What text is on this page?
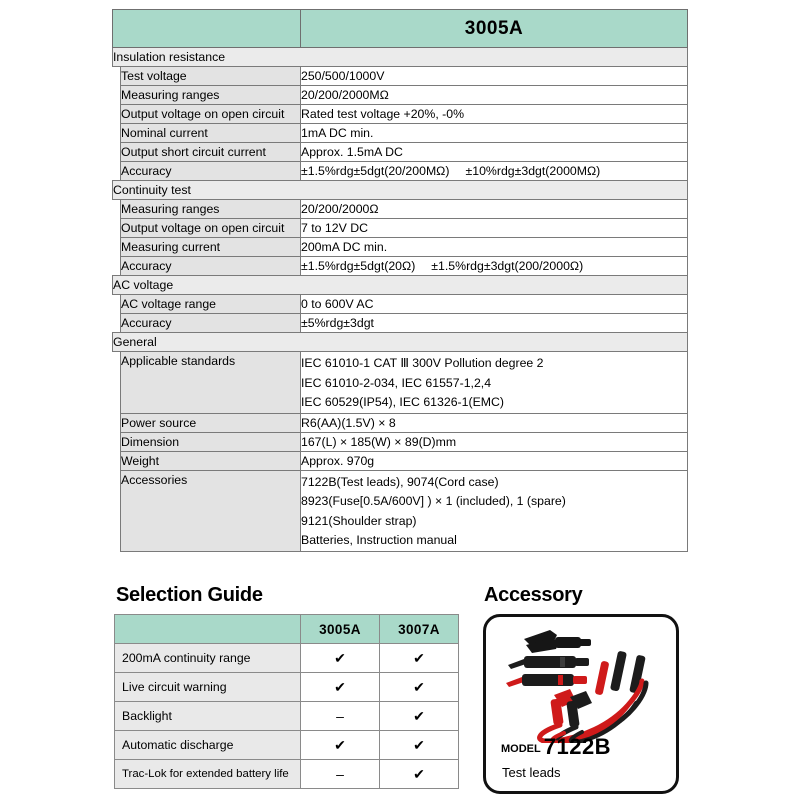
		3005A
Insulation resistance		
	Test voltage	250/500/1000V
	Measuring ranges	20/200/2000MΩ
	Output voltage on open circuit	Rated test voltage +20%, -0%
	Nominal current	1mA DC min.
	Output short circuit current	Approx. 1.5mA DC
	Accuracy	±1.5%rdg±5dgt(20/200MΩ) ±10%rdg±3dgt(2000MΩ)
Continuity test		
	Measuring ranges	20/200/2000Ω
	Output voltage on open circuit	7 to 12V DC
	Measuring current	200mA DC min.
	Accuracy	±1.5%rdg±5dgt(20Ω) ±1.5%rdg±3dgt(200/2000Ω)
AC voltage		
	AC voltage range	0 to 600V AC
	Accuracy	±5%rdg±3dgt
General		
	Applicable standards	IEC 61010-1 CAT Ⅲ 300V Pollution degree 2
IEC 61010-2-034, IEC 61557-1,2,4
IEC 60529(IP54), IEC 61326-1(EMC)

	Power source	R6(AA)(1.5V) × 8
	Dimension	167(L) × 185(W) × 89(D)mm
	Weight	Approx. 970g
	Accessories	7122B(Test leads), 9074(Cord case)
8923(Fuse[0.5A/600V] ) × 1 (included), 1 (spare)
9121(Shoulder strap)
Batteries, Instruction manual
Selection Guide
	3005A	3007A
200mA continuity range	✔	✔
Live circuit warning	✔	✔
Backlight	–	✔
Automatic discharge	✔	✔
Trac-Lok for extended battery life	–	✔
Accessory
MODEL 7122B
Test leads
